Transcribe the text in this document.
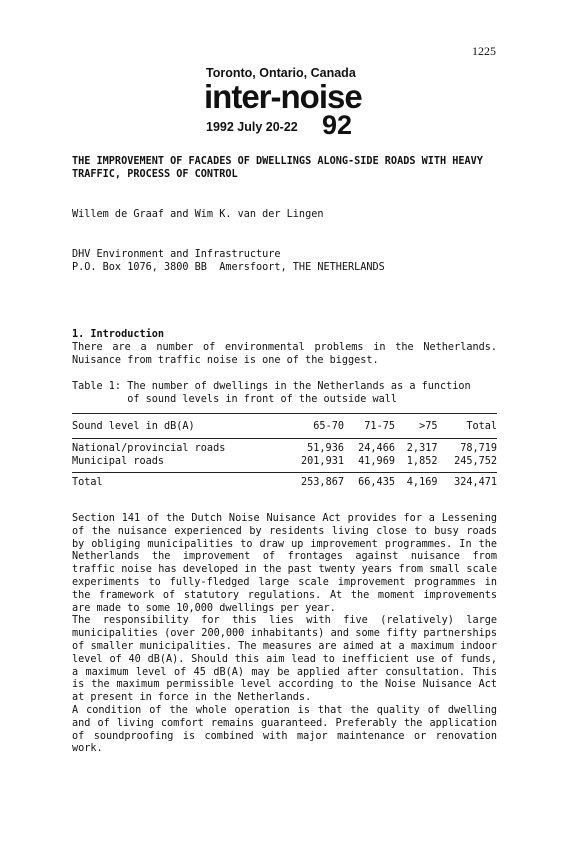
1225
Toronto, Ontario, Canada
inter-noise
1992 July 20-22 92
THE IMPROVEMENT OF FACADES OF DWELLINGS ALONG-SIDE ROADS WITH HEAVY TRAFFIC, PROCESS OF CONTROL
Willem de Graaf and Wim K. van der Lingen
DHV Environment and Infrastructure
P.O. Box 1076, 3800 BB  Amersfoort, THE NETHERLANDS
1. Introduction
There are a number of environmental problems in the Netherlands. Nuisance from traffic noise is one of the biggest.
Table 1: The number of dwellings in the Netherlands as a function
of sound levels in front of the outside wall
Sound level in dB(A)	65-70	71-75	>75	Total
National/provincial roads	51,936	24,466	2,317	78,719
Municipal roads	201,931	41,969	1,852	245,752
Total	253,867	66,435	4,169	324,471

Section 141 of the Dutch Noise Nuisance Act provides for a Lessening of the nuisance experienced by residents living close to busy roads by obliging municipalities to draw up improvement programmes. In the Netherlands the improvement of frontages against nuisance from traffic noise has developed in the past twenty years from small scale experiments to fully-fledged large scale improvement programmes in the framework of statutory regulations. At the moment improvements are made to some 10,000 dwellings per year.

The responsibility for this lies with five (relatively) large municipalities (over 200,000 inhabitants) and some fifty partnerships of smaller municipalities. The measures are aimed at a maximum indoor level of 40 dB(A). Should this aim lead to inefficient use of funds, a maximum level of 45 dB(A) may be applied after consultation. This is the maximum permissible level according to the Noise Nuisance Act at present in force in the Netherlands.

A condition of the whole operation is that the quality of dwelling and of living comfort remains guaranteed. Preferably the application of soundproofing is combined with major maintenance or renovation work.
